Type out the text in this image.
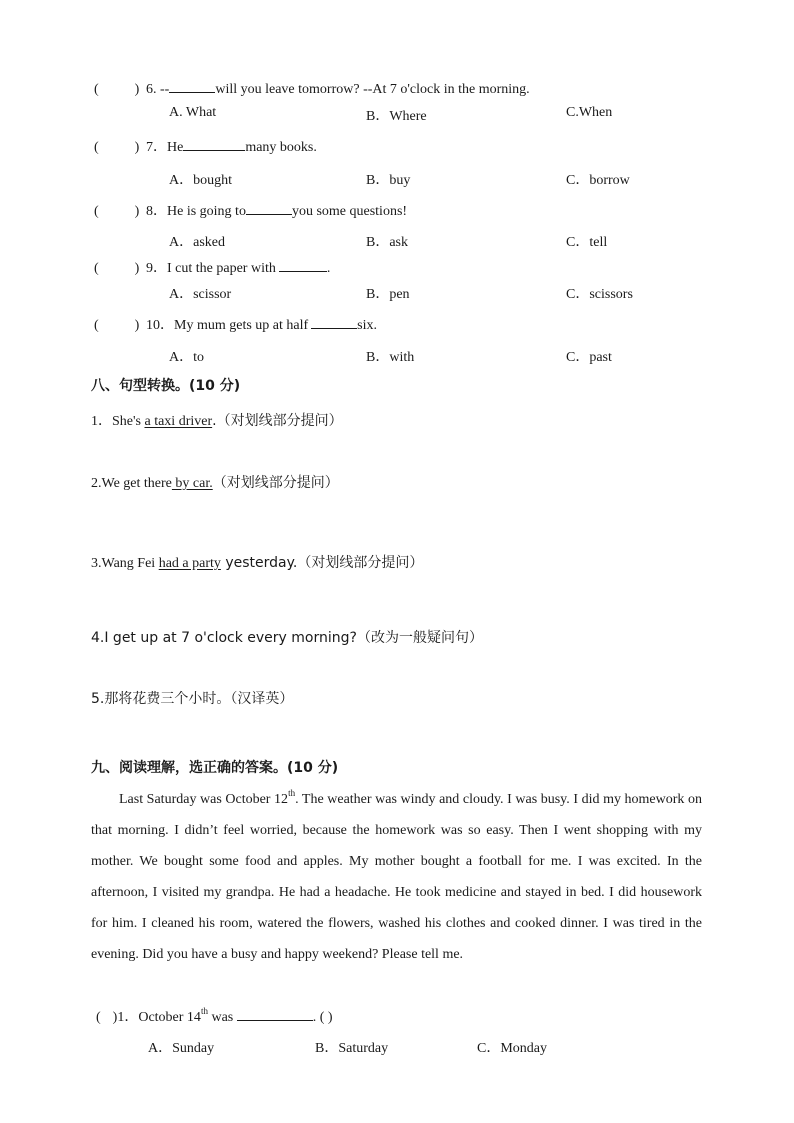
(	) 6. --	will you leave tomorrow? --At 7 o'clock in the morning.
A. What	B．Where	C.When
(	) 7．He	many books.
A．bought	B．buy	C．borrow
(	) 8．He is going to	you some questions!
A．asked	B．ask	C．tell
(	) 9．I cut the paper with	.
A．scissor	B．pen	C．scissors
(	) 10．My mum gets up at half	six.
A．to	B．with	C．past
八、句型转换。(10 分)
1．She's a taxi driver.（对划线部分提问）
2.We get there by car.（对划线部分提问）
3.Wang Fei had a party yesterday.（对划线部分提问）
4.I get up at 7 o'clock every morning?（改为一般疑问句）
5.那将花费三个小时。（汉译英）
九、阅读理解，选正确的答案。(10 分)

Last Saturday was October 12th. The weather was windy and cloudy. I was busy. I did my homework on that morning. I didn’t feel worried, because the homework was so easy. Then I went shopping with my mother. We bought some food and apples. My mother bought a football for me. I was excited. In the afternoon, I visited my grandpa. He had a headache. He took medicine and stayed in bed. I did housework for him. I cleaned his room, watered the flowers, washed his clothes and cooked dinner. I was tired in the evening. Did you have a busy and happy weekend? Please tell me.

( )1．October 14th was	. ( )
A．Sunday	B．Saturday	C．Monday
